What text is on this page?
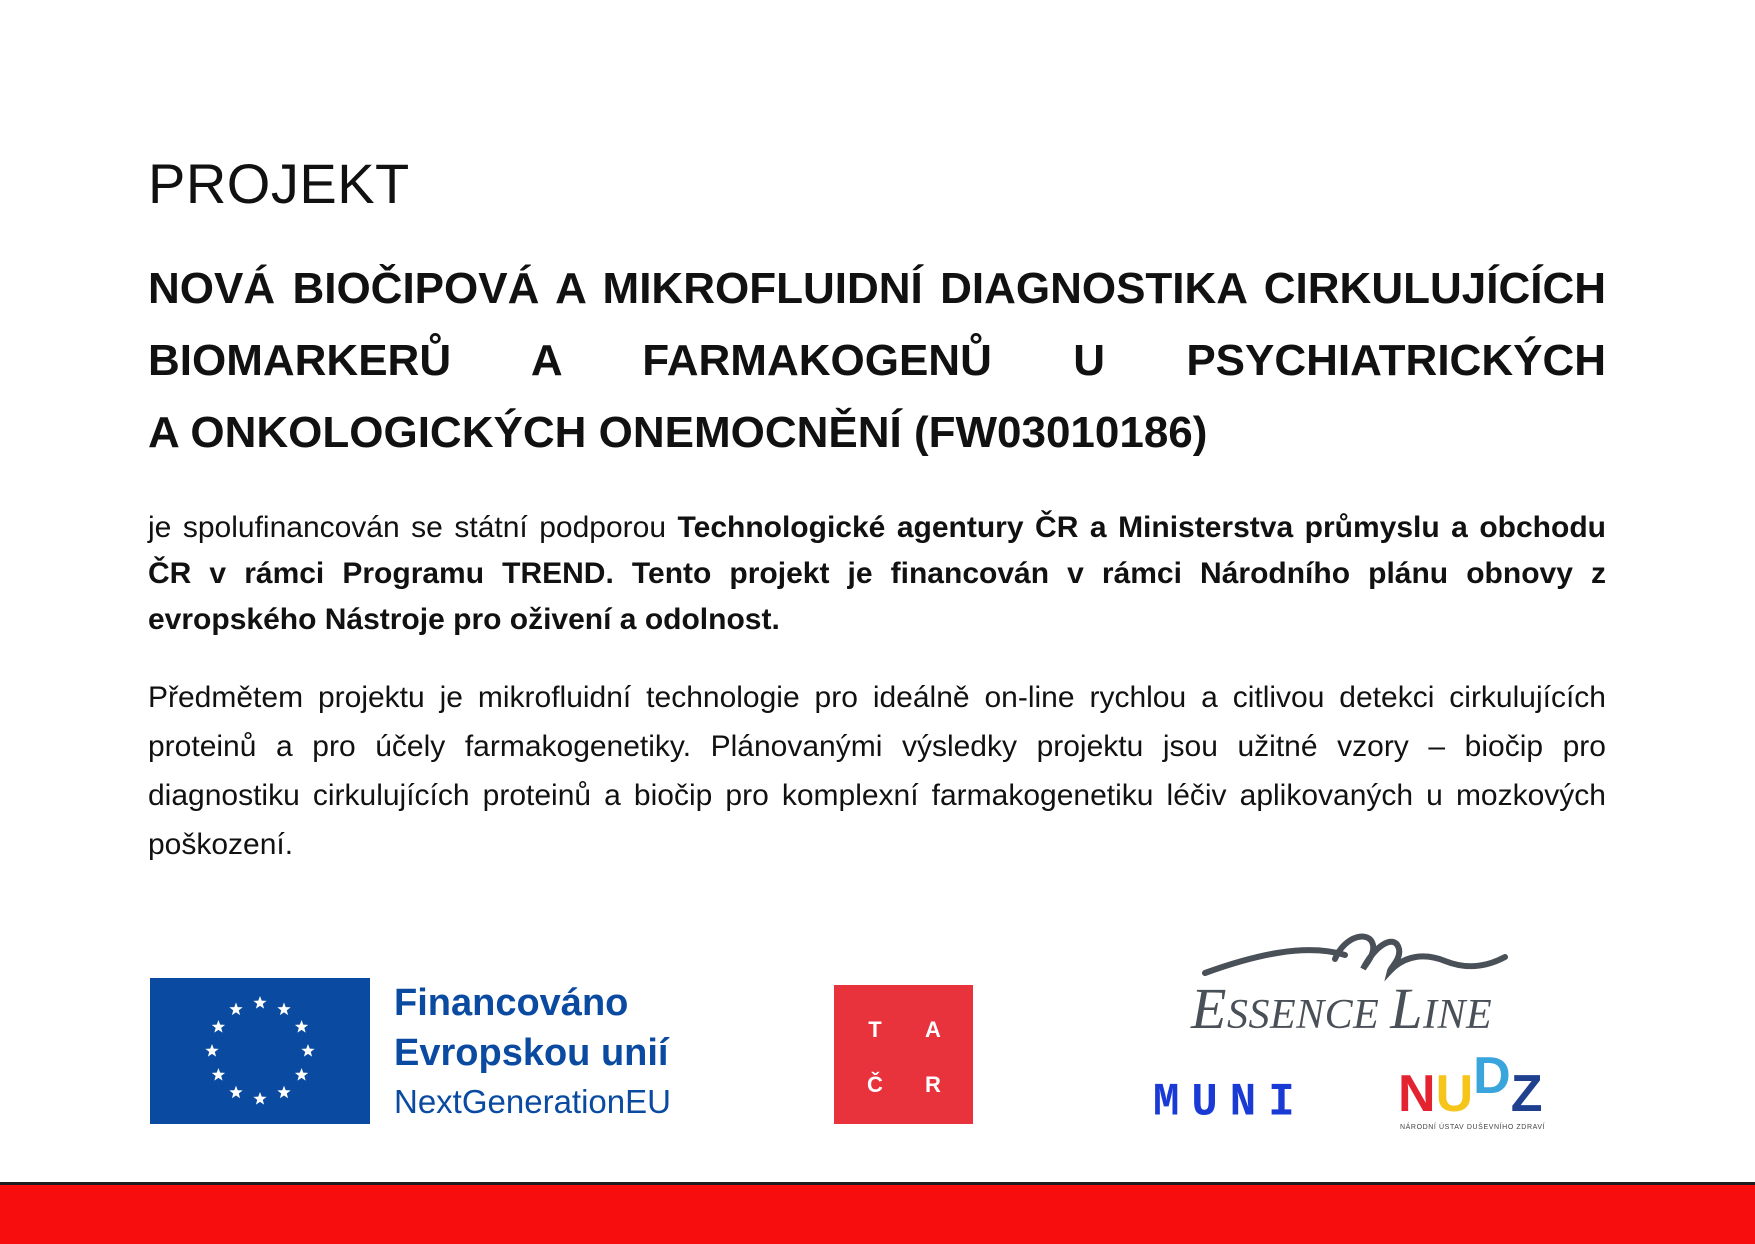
PROJEKT
NOVÁ BIOČIPOVÁ A MIKROFLUIDNÍ DIAGNOSTIKA CIRKULUJÍCÍCH
BIOMARKERŮ A FARMAKOGENŮ U PSYCHIATRICKÝCH
A ONKOLOGICKÝCH ONEMOCNĚNÍ (FW03010186)

je spolufinancován se státní podporou Technologické agentury ČR a Ministerstva průmyslu a obchodu ČR v rámci Programu TREND. Tento projekt je financován v rámci Národního plánu obnovy z evropského Nástroje pro oživení a odolnost.

Předmětem projektu je mikrofluidní technologie pro ideálně on-line rychlou a citlivou detekci cirkulujících proteinů a pro účely farmakogenetiky. Plánovanými výsledky projektu jsou užitné vzory – biočip pro diagnostiku cirkulujících proteinů a biočip pro komplexní farmakogenetiku léčiv aplikovaných u mozkových poškození.

Financováno
Evropskou unií
NextGenerationEU
T	A
Č	R
ESSENCE LINE
MUNI NUDZ
NÁRODNÍ ÚSTAV DUŠEVNÍHO ZDRAVÍ
